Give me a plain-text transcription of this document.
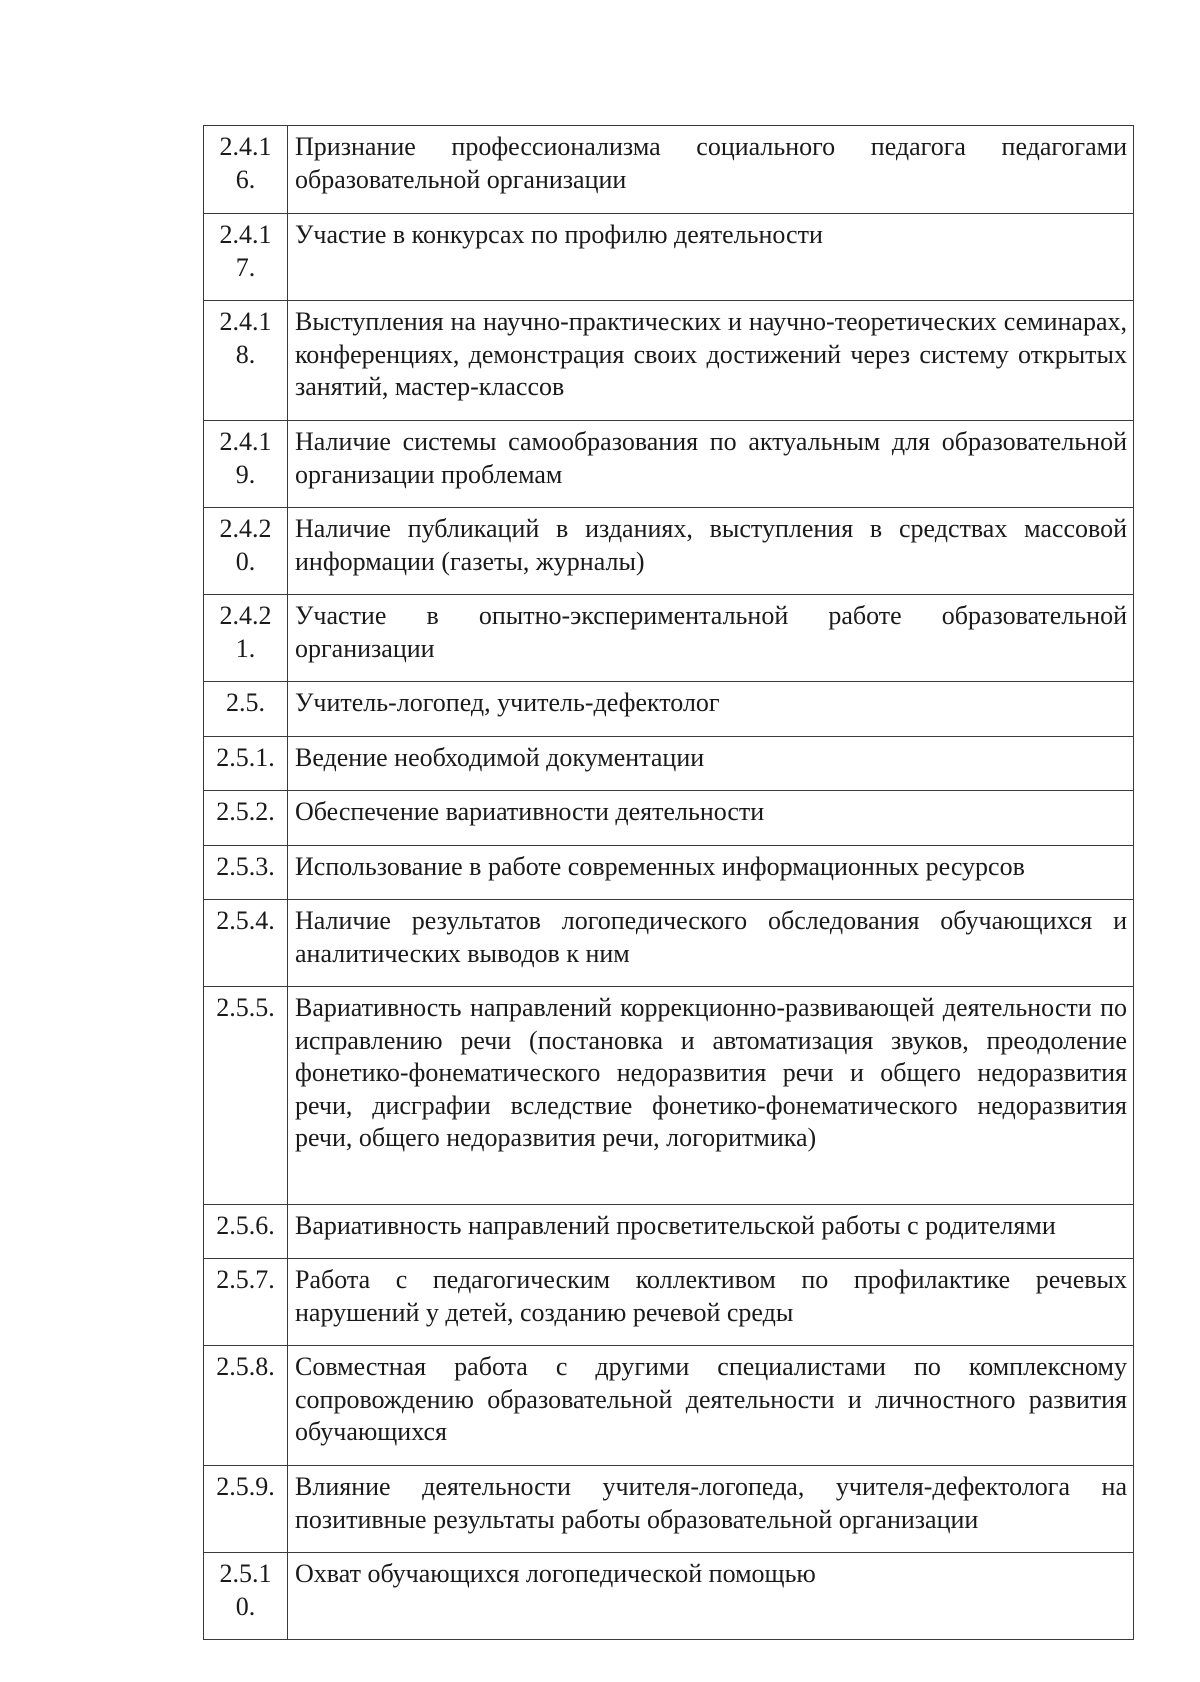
2.4.16.	Признание профессионализма социального педагога педагогами образовательной организации

2.4.17.	Участие в конкурсах по профилю деятельности

2.4.18.	Выступления на научно-практических и научно-теоретических семинарах, конференциях, демонстрация своих достижений через систему открытых занятий, мастер-классов

2.4.19.	Наличие системы самообразования по актуальным для образовательной организации проблемам

2.4.20.	Наличие публикаций в изданиях, выступления в средствах массовой информации (газеты, журналы)

2.4.21.	Участие в опытно-экспериментальной работе образовательной организации

2.5.	Учитель-логопед, учитель-дефектолог

2.5.1.	Ведение необходимой документации

2.5.2.	Обеспечение вариативности деятельности

2.5.3.	Использование в работе современных информационных ресурсов

2.5.4.	Наличие результатов логопедического обследования обучающихся и аналитических выводов к ним

2.5.5.	Вариативность направлений коррекционно-развивающей деятельности по исправлению речи (постановка и автоматизация звуков, преодоление фонетико-фонематического недоразвития речи и общего недоразвития речи, дисграфии вследствие фонетико-фонематического недоразвития речи, общего недоразвития речи, логоритмика)

2.5.6.	Вариативность направлений просветительской работы с родителями

2.5.7.	Работа с педагогическим коллективом по профилактике речевых нарушений у детей, созданию речевой среды

2.5.8.	Совместная работа с другими специалистами по комплексному сопровождению образовательной деятельности и личностного развития обучающихся

2.5.9.	Влияние деятельности учителя-логопеда, учителя-дефектолога на позитивные результаты работы образовательной организации

2.5.10.	Охват обучающихся логопедической помощью
